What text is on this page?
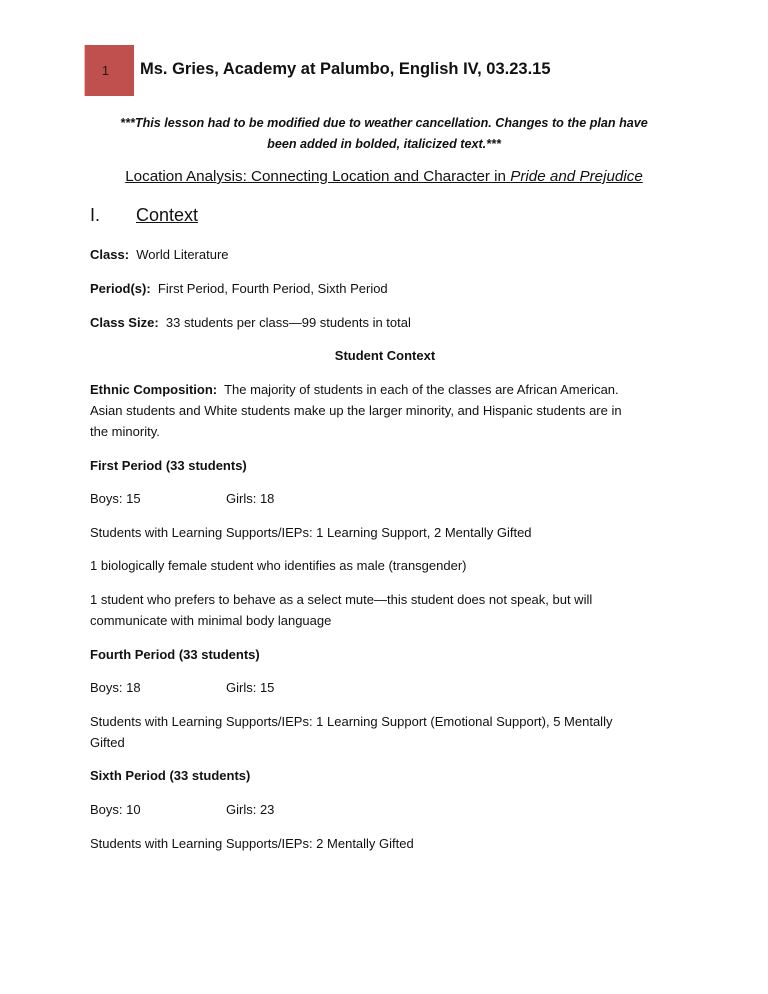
1 Ms. Gries, Academy at Palumbo, English IV, 03.23.15
***This lesson had to be modified due to weather cancellation. Changes to the plan have
been added in bolded, italicized text.***
Location Analysis: Connecting Location and Character in Pride and Prejudice
I. Context
Class: World Literature
Period(s): First Period, Fourth Period, Sixth Period
Class Size: 33 students per class—99 students in total
Student Context
Ethnic Composition: The majority of students in each of the classes are African American.
Asian students and White students make up the larger minority, and Hispanic students are in
the minority.
First Period (33 students)
Boys: 15	Girls: 18
Students with Learning Supports/IEPs: 1 Learning Support, 2 Mentally Gifted
1 biologically female student who identifies as male (transgender)
1 student who prefers to behave as a select mute—this student does not speak, but will
communicate with minimal body language
Fourth Period (33 students)
Boys: 18	Girls: 15
Students with Learning Supports/IEPs: 1 Learning Support (Emotional Support), 5 Mentally
Gifted
Sixth Period (33 students)
Boys: 10	Girls: 23
Students with Learning Supports/IEPs: 2 Mentally Gifted
